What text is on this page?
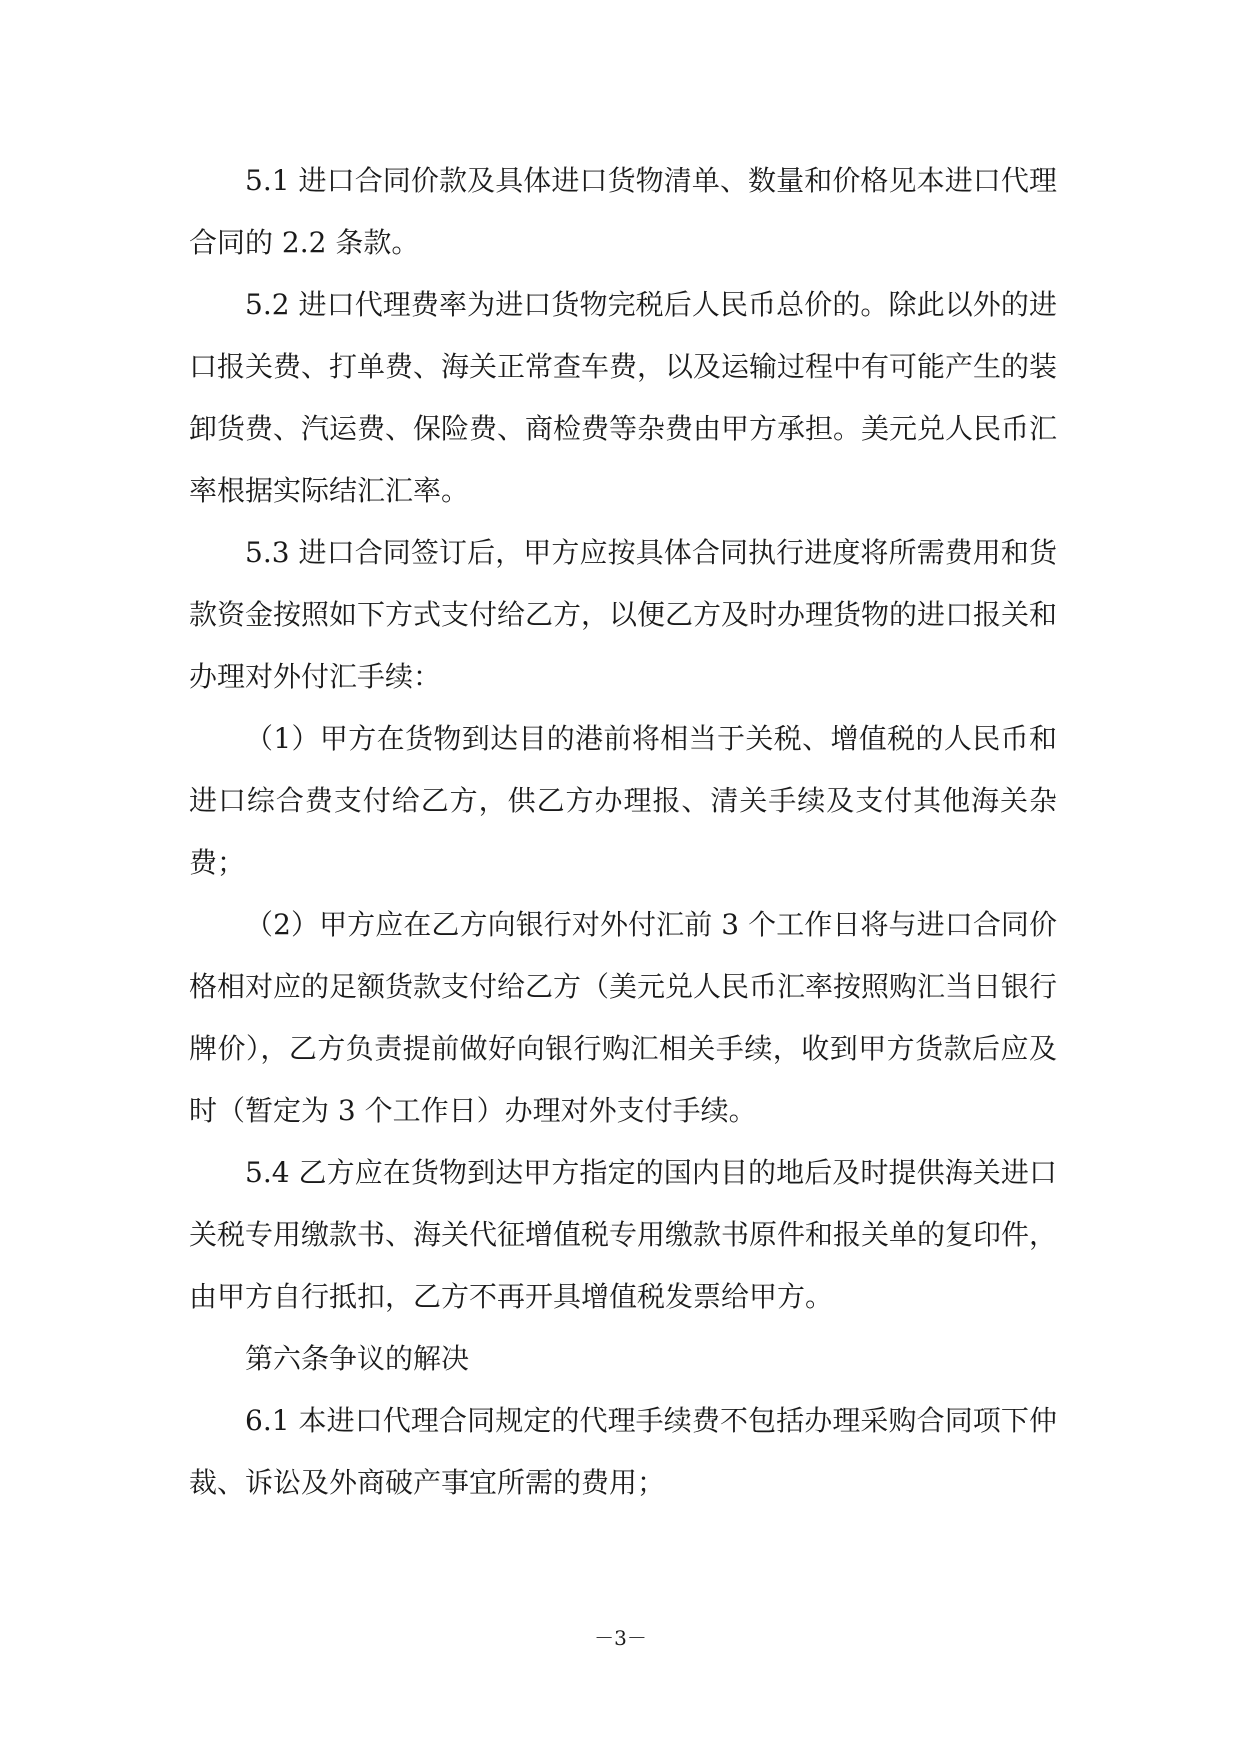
5.1 进口合同价款及具体进口货物清单、数量和价格见本进口代理合同的 2.2 条款。

5.2 进口代理费率为进口货物完税后人民币总价的。除此以外的进口报关费、打单费、海关正常查车费，以及运输过程中有可能产生的装卸货费、汽运费、保险费、商检费等杂费由甲方承担。美元兑人民币汇率根据实际结汇汇率。

5.3 进口合同签订后，甲方应按具体合同执行进度将所需费用和货款资金按照如下方式支付给乙方，以便乙方及时办理货物的进口报关和办理对外付汇手续：

（1）甲方在货物到达目的港前将相当于关税、增值税的人民币和进口综合费支付给乙方，供乙方办理报、清关手续及支付其他海关杂费；

（2）甲方应在乙方向银行对外付汇前 3 个工作日将与进口合同价格相对应的足额货款支付给乙方（美元兑人民币汇率按照购汇当日银行牌价），乙方负责提前做好向银行购汇相关手续，收到甲方货款后应及时（暂定为 3 个工作日）办理对外支付手续。

5.4 乙方应在货物到达甲方指定的国内目的地后及时提供海关进口关税专用缴款书、海关代征增值税专用缴款书原件和报关单的复印件，由甲方自行抵扣，乙方不再开具增值税发票给甲方。

第六条争议的解决

6.1 本进口代理合同规定的代理手续费不包括办理采购合同项下仲裁、诉讼及外商破产事宜所需的费用；

－3－
